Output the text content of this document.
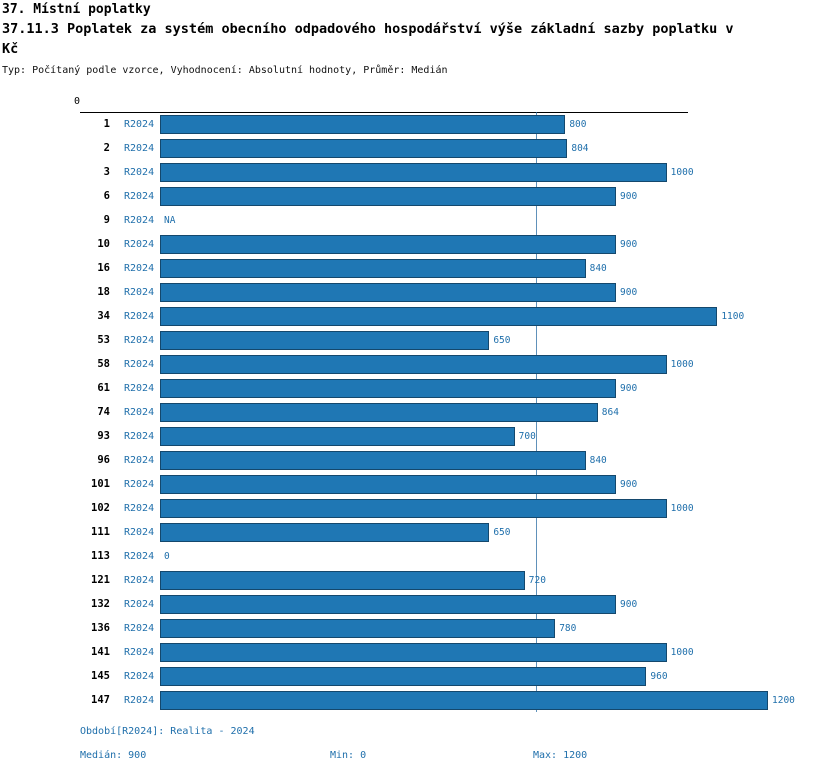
37. Místní poplatky
37.11.3 Poplatek za systém obecního odpadového hospodářství výše základní sazby poplatku v Kč
Typ: Počítaný podle vzorce, Vyhodnocení: Absolutní hodnoty, Průměr: Medián
0
1 R2024	800
2 R2024	804
3 R2024	1000
6 R2024	900
9 R2024 NA
10 R2024	900
16 R2024	840
18 R2024	900
34 R2024	1100
53 R2024	650
58 R2024	1000
61 R2024	900
74 R2024	864
93 R2024	700
96 R2024	840
101 R2024	900
102 R2024	1000
111 R2024	650
113 R2024 0
121 R2024	720
132 R2024	900
136 R2024	780
141 R2024	1000
145 R2024	960
147 R2024	1200
Období[R2024]: Realita - 2024
Medián: 900	Min: 0	Max: 1200
